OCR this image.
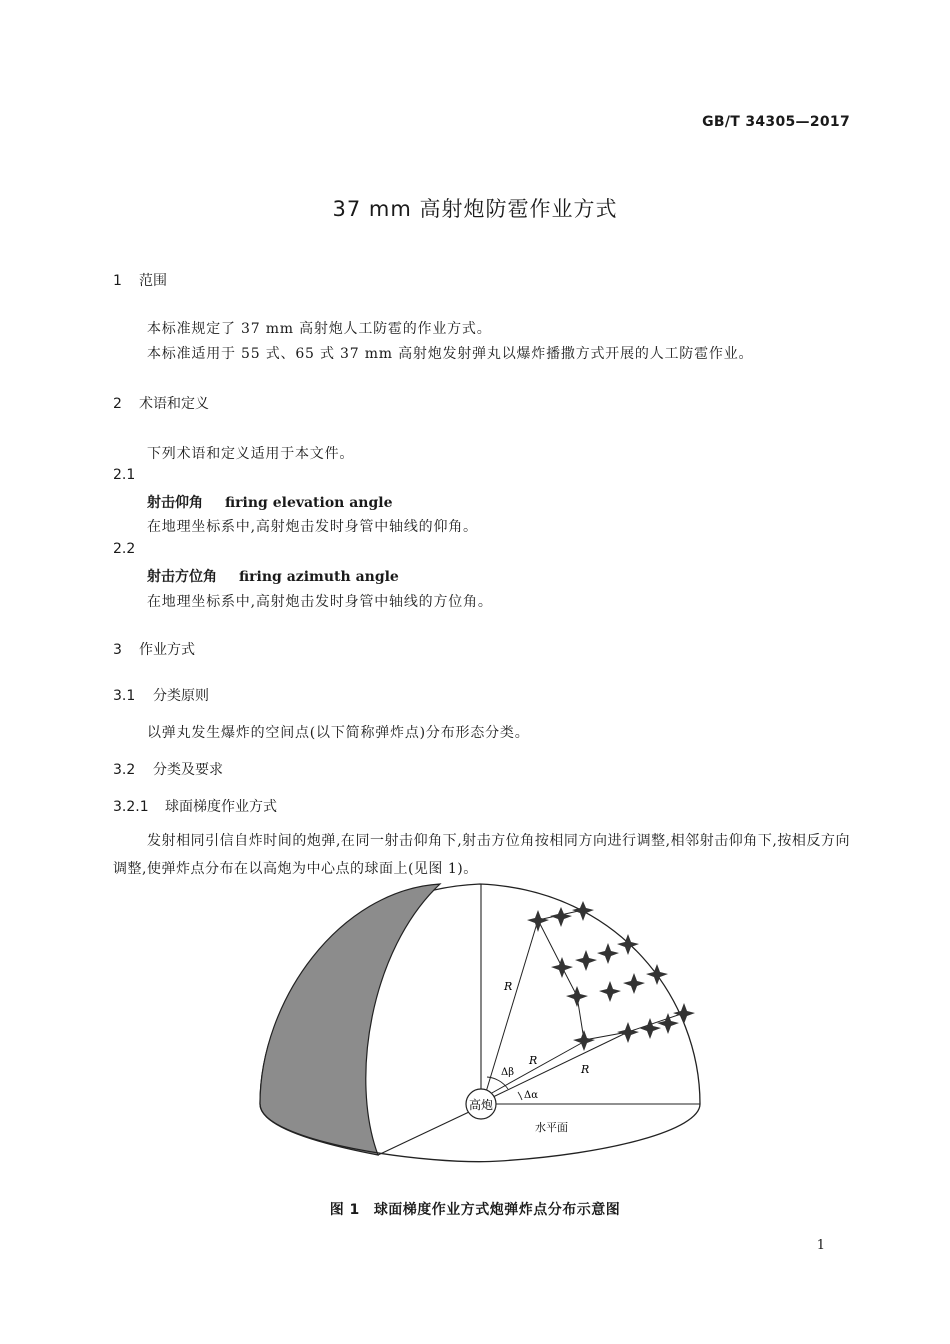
GB/T 34305—2017
37 mm 高射炮防雹作业方式
1 范围
本标准规定了 37 mm 高射炮人工防雹的作业方式。
本标准适用于 55 式、65 式 37 mm 高射炮发射弹丸以爆炸播撒方式开展的人工防雹作业。
2 术语和定义
下列术语和定义适用于本文件。
2.1
射击仰角 firing elevation angle
在地理坐标系中,高射炮击发时身管中轴线的仰角。
2.2
射击方位角 firing azimuth angle
在地理坐标系中,高射炮击发时身管中轴线的方位角。
3 作业方式
3.1 分类原则
以弹丸发生爆炸的空间点(以下简称弹炸点)分布形态分类。
3.2 分类及要求
3.2.1 球面梯度作业方式
发射相同引信自炸时间的炮弹,在同一射击仰角下,射击方位角按相同方向进行调整,相邻射击仰角下,按相反方向调整,使弹炸点分布在以高炮为中心点的球面上(见图 1)。
高炮
R
R
R
Δβ
Δα
水平面
图 1 球面梯度作业方式炮弹炸点分布示意图
1
